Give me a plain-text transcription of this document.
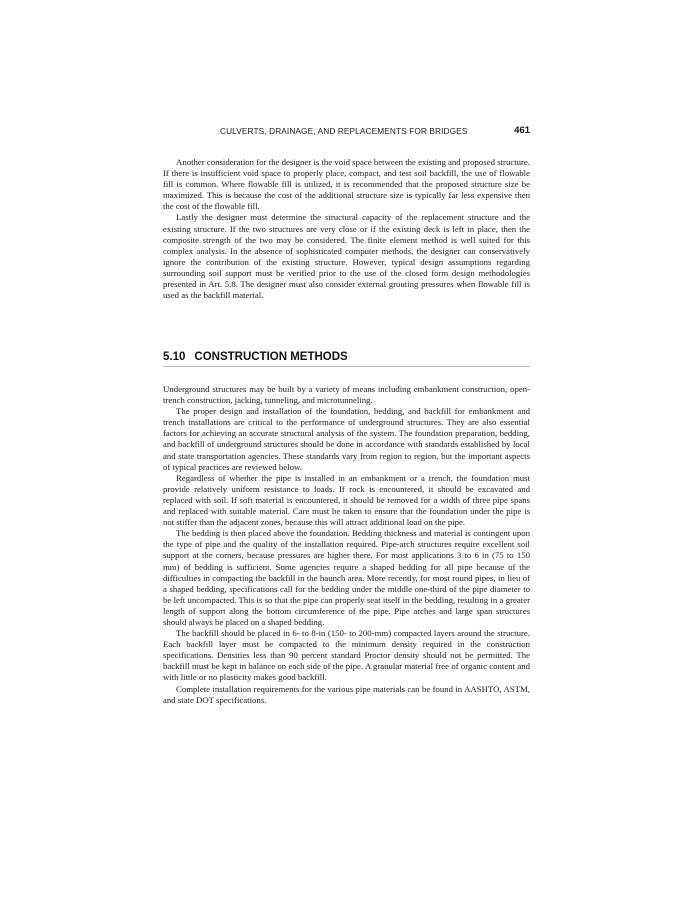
CULVERTS, DRAINAGE, AND REPLACEMENTS FOR BRIDGES	461

Another consideration for the designer is the void space between the existing and proposed structure. If there is insufficient void space to properly place, compact, and test soil backfill, the use of flowable fill is common. Where flowable fill is utilized, it is recommended that the proposed structure size be maximized. This is because the cost of the additional structure size is typically far less expensive then the cost of the flowable fill.

Lastly the designer must determine the structural capacity of the replacement structure and the existing structure. If the two structures are very close or if the existing deck is left in place, then the composite strength of the two may be considered. The finite element method is well suited for this complex analysis. In the absence of sophisticated computer methods, the designer can conservatively ignore the contribution of the existing structure. However, typical design assumptions regarding surrounding soil support must be verified prior to the use of the closed form design methodologies presented in Art. 5.8. The designer must also consider external grouting pressures when flowable fill is used as the backfill material.

5.10 CONSTRUCTION METHODS

Underground structures may be built by a variety of means including embankment construction, open-trench construction, jacking, tunneling, and microtunneling.

The proper design and installation of the foundation, bedding, and backfill for embankment and trench installations are critical to the performance of underground structures. They are also essential factors for achieving an accurate structural analysis of the system. The foundation preparation, bedding, and backfill of underground structures should be done in accordance with standards established by local and state transportation agencies. These standards vary from region to region, but the important aspects of typical practices are reviewed below.

Regardless of whether the pipe is installed in an embankment or a trench, the foundation must provide relatively uniform resistance to loads. If rock is encountered, it should be excavated and replaced with soil. If soft material is encountered, it should be removed for a width of three pipe spans and replaced with suitable material. Care must be taken to ensure that the foundation under the pipe is not stiffer than the adjacent zones, because this will attract additional load on the pipe.

The bedding is then placed above the foundation. Bedding thickness and material is contingent upon the type of pipe and the quality of the installation required. Pipe-arch structures require excellent soil support at the corners, because pressures are higher there. For most applications 3 to 6 in (75 to 150 mm) of bedding is sufficient. Some agencies require a shaped bedding for all pipe because of the difficulties in compacting the backfill in the haunch area. More recently, for most round pipes, in lieu of a shaped bedding, specifications call for the bedding under the middle one-third of the pipe diameter to be left uncompacted. This is so that the pipe can properly seat itself in the bedding, resulting in a greater length of support along the bottom circumference of the pipe. Pipe arches and large span structures should always be placed on a shaped bedding.

The backfill should be placed in 6- to 8-in (150- to 200-mm) compacted layers around the structure. Each backfill layer must be compacted to the minimum density required in the construction specifications. Densities less than 90 percent standard Proctor density should not be permitted. The backfill must be kept in balance on each side of the pipe. A granular material free of organic content and with little or no plasticity makes good backfill.

Complete installation requirements for the various pipe materials can be found in AASHTO, ASTM, and state DOT specifications.
